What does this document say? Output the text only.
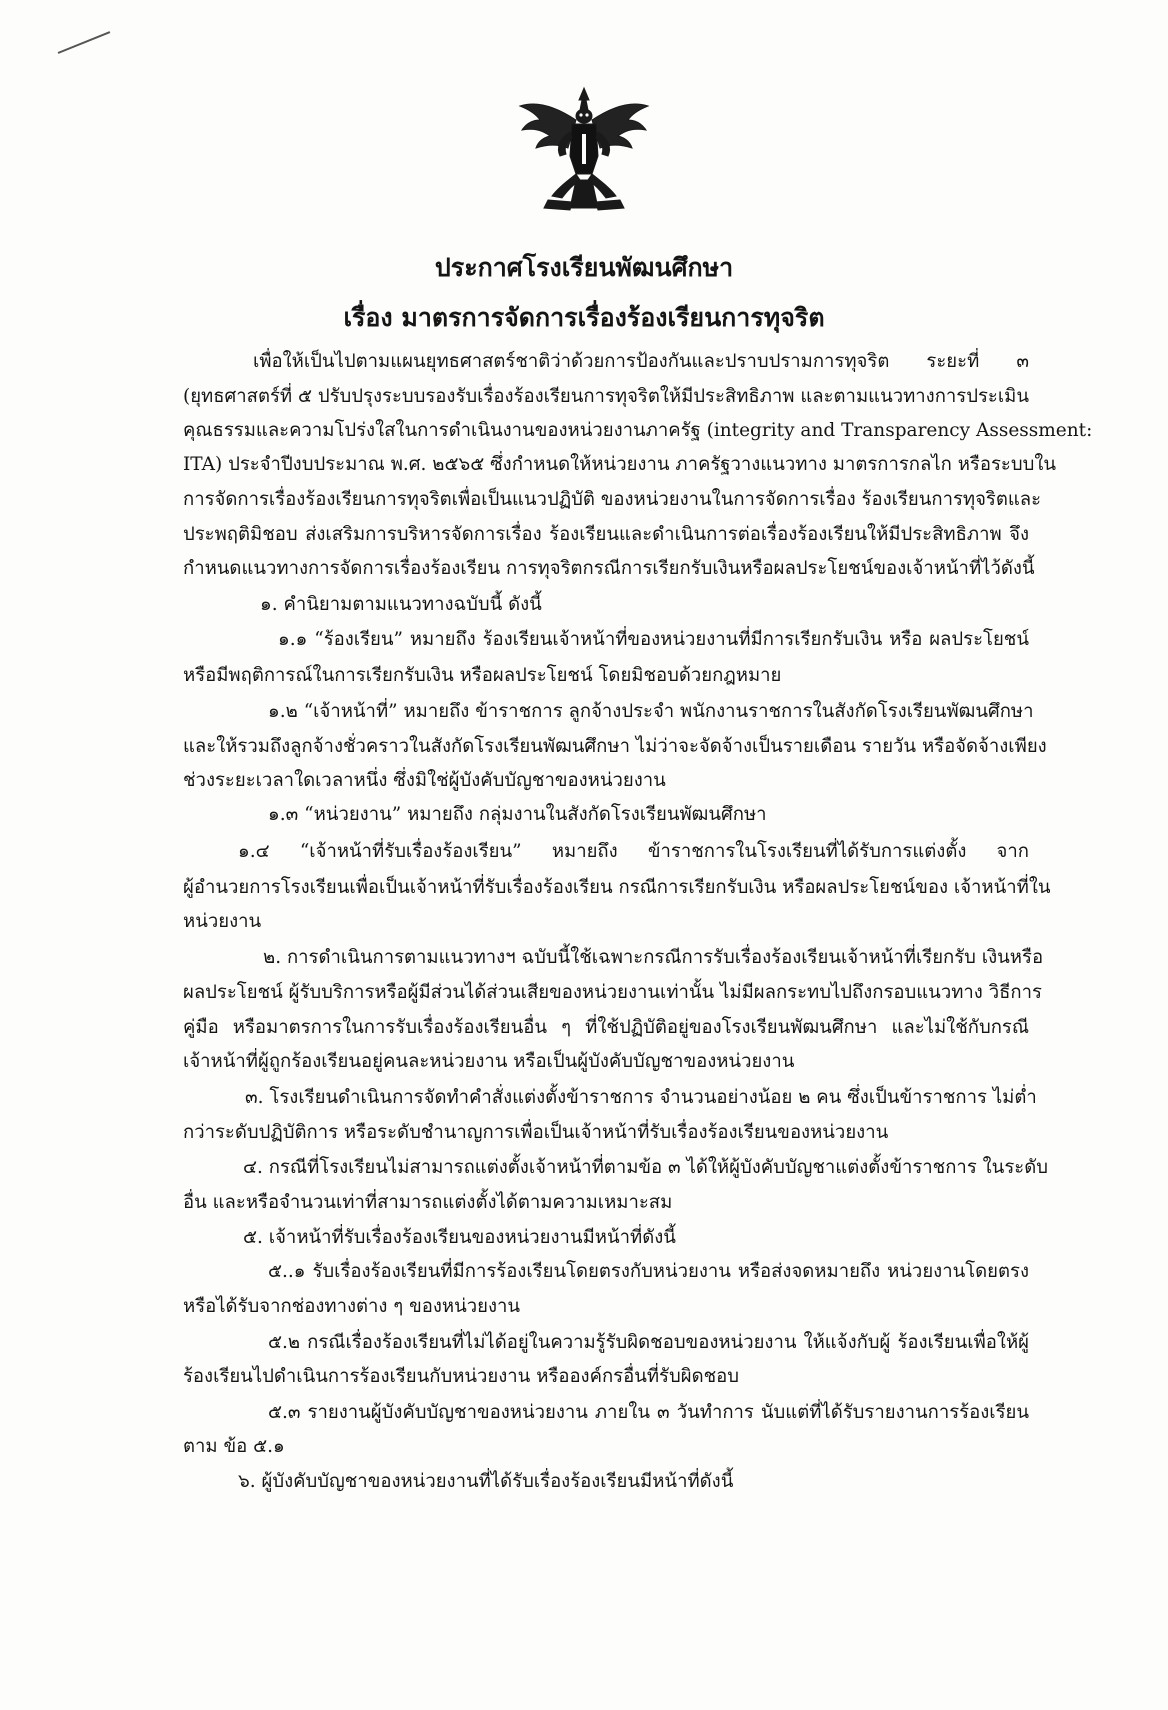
ประกาศโรงเรียนพัฒนศึกษา
เรื่อง มาตรการจัดการเรื่องร้องเรียนการทุจริต
เพื่อให้เป็นไปตามแผนยุทธศาสตร์ชาติว่าด้วยการป้องกันและปราบปรามการทุจริต ระยะที่ ๓
(ยุทธศาสตร์ที่ ๕ ปรับปรุงระบบรองรับเรื่องร้องเรียนการทุจริตให้มีประสิทธิภาพ และตามแนวทางการประเมิน
คุณธรรมและความโปร่งใสในการดำเนินงานของหน่วยงานภาครัฐ (integrity and Transparency Assessment:
ITA) ประจำปีงบประมาณ พ.ศ. ๒๕๖๕ ซึ่งกำหนดให้หน่วยงาน ภาครัฐวางแนวทาง มาตรการกลไก หรือระบบใน
การจัดการเรื่องร้องเรียนการทุจริตเพื่อเป็นแนวปฏิบัติ ของหน่วยงานในการจัดการเรื่อง ร้องเรียนการทุจริตและ
ประพฤติมิชอบ ส่งเสริมการบริหารจัดการเรื่อง ร้องเรียนและดำเนินการต่อเรื่องร้องเรียนให้มีประสิทธิภาพ จึง
กำหนดแนวทางการจัดการเรื่องร้องเรียน การทุจริตกรณีการเรียกรับเงินหรือผลประโยชน์ของเจ้าหน้าที่ไว้ดังนี้
๑. คำนิยามตามแนวทางฉบับนี้ ดังนี้
๑.๑ “ร้องเรียน” หมายถึง ร้องเรียนเจ้าหน้าที่ของหน่วยงานที่มีการเรียกรับเงิน หรือ ผลประโยชน์
หรือมีพฤติการณ์ในการเรียกรับเงิน หรือผลประโยชน์ โดยมิชอบด้วยกฎหมาย
๑.๒ “เจ้าหน้าที่” หมายถึง ข้าราชการ ลูกจ้างประจำ พนักงานราชการในสังกัดโรงเรียนพัฒนศึกษา
และให้รวมถึงลูกจ้างชั่วคราวในสังกัดโรงเรียนพัฒนศึกษา ไม่ว่าจะจัดจ้างเป็นรายเดือน รายวัน หรือจัดจ้างเพียง
ช่วงระยะเวลาใดเวลาหนึ่ง ซึ่งมิใช่ผู้บังคับบัญชาของหน่วยงาน
๑.๓ “หน่วยงาน” หมายถึง กลุ่มงานในสังกัดโรงเรียนพัฒนศึกษา
๑.๔ “เจ้าหน้าที่รับเรื่องร้องเรียน” หมายถึง ข้าราชการในโรงเรียนที่ได้รับการแต่งตั้ง จาก
ผู้อำนวยการโรงเรียนเพื่อเป็นเจ้าหน้าที่รับเรื่องร้องเรียน กรณีการเรียกรับเงิน หรือผลประโยชน์ของ เจ้าหน้าที่ใน
หน่วยงาน
๒. การดำเนินการตามแนวทางฯ ฉบับนี้ใช้เฉพาะกรณีการรับเรื่องร้องเรียนเจ้าหน้าที่เรียกรับ เงินหรือ
ผลประโยชน์ ผู้รับบริการหรือผู้มีส่วนได้ส่วนเสียของหน่วยงานเท่านั้น ไม่มีผลกระทบไปถึงกรอบแนวทาง วิธีการ
คู่มือ หรือมาตรการในการรับเรื่องร้องเรียนอื่น ๆ ที่ใช้ปฏิบัติอยู่ของโรงเรียนพัฒนศึกษา และไม่ใช้กับกรณี
เจ้าหน้าที่ผู้ถูกร้องเรียนอยู่คนละหน่วยงาน หรือเป็นผู้บังคับบัญชาของหน่วยงาน
๓. โรงเรียนดำเนินการจัดทำคำสั่งแต่งตั้งข้าราชการ จำนวนอย่างน้อย ๒ คน ซึ่งเป็นข้าราชการ ไม่ต่ำ
กว่าระดับปฏิบัติการ หรือระดับชำนาญการเพื่อเป็นเจ้าหน้าที่รับเรื่องร้องเรียนของหน่วยงาน
๔. กรณีที่โรงเรียนไม่สามารถแต่งตั้งเจ้าหน้าที่ตามข้อ ๓ ได้ให้ผู้บังคับบัญชาแต่งตั้งข้าราชการ ในระดับ
อื่น และหรือจำนวนเท่าที่สามารถแต่งตั้งได้ตามความเหมาะสม
๕. เจ้าหน้าที่รับเรื่องร้องเรียนของหน่วยงานมีหน้าที่ดังนี้
๕..๑ รับเรื่องร้องเรียนที่มีการร้องเรียนโดยตรงกับหน่วยงาน หรือส่งจดหมายถึง หน่วยงานโดยตรง
หรือได้รับจากช่องทางต่าง ๆ ของหน่วยงาน
๕.๒ กรณีเรื่องร้องเรียนที่ไม่ได้อยู่ในความรู้รับผิดชอบของหน่วยงาน ให้แจ้งกับผู้ ร้องเรียนเพื่อให้ผู้
ร้องเรียนไปดำเนินการร้องเรียนกับหน่วยงาน หรือองค์กรอื่นที่รับผิดชอบ
๕.๓ รายงานผู้บังคับบัญชาของหน่วยงาน ภายใน ๓ วันทำการ นับแต่ที่ได้รับรายงานการร้องเรียน
ตาม ข้อ ๕.๑
๖. ผู้บังคับบัญชาของหน่วยงานที่ได้รับเรื่องร้องเรียนมีหน้าที่ดังนี้
